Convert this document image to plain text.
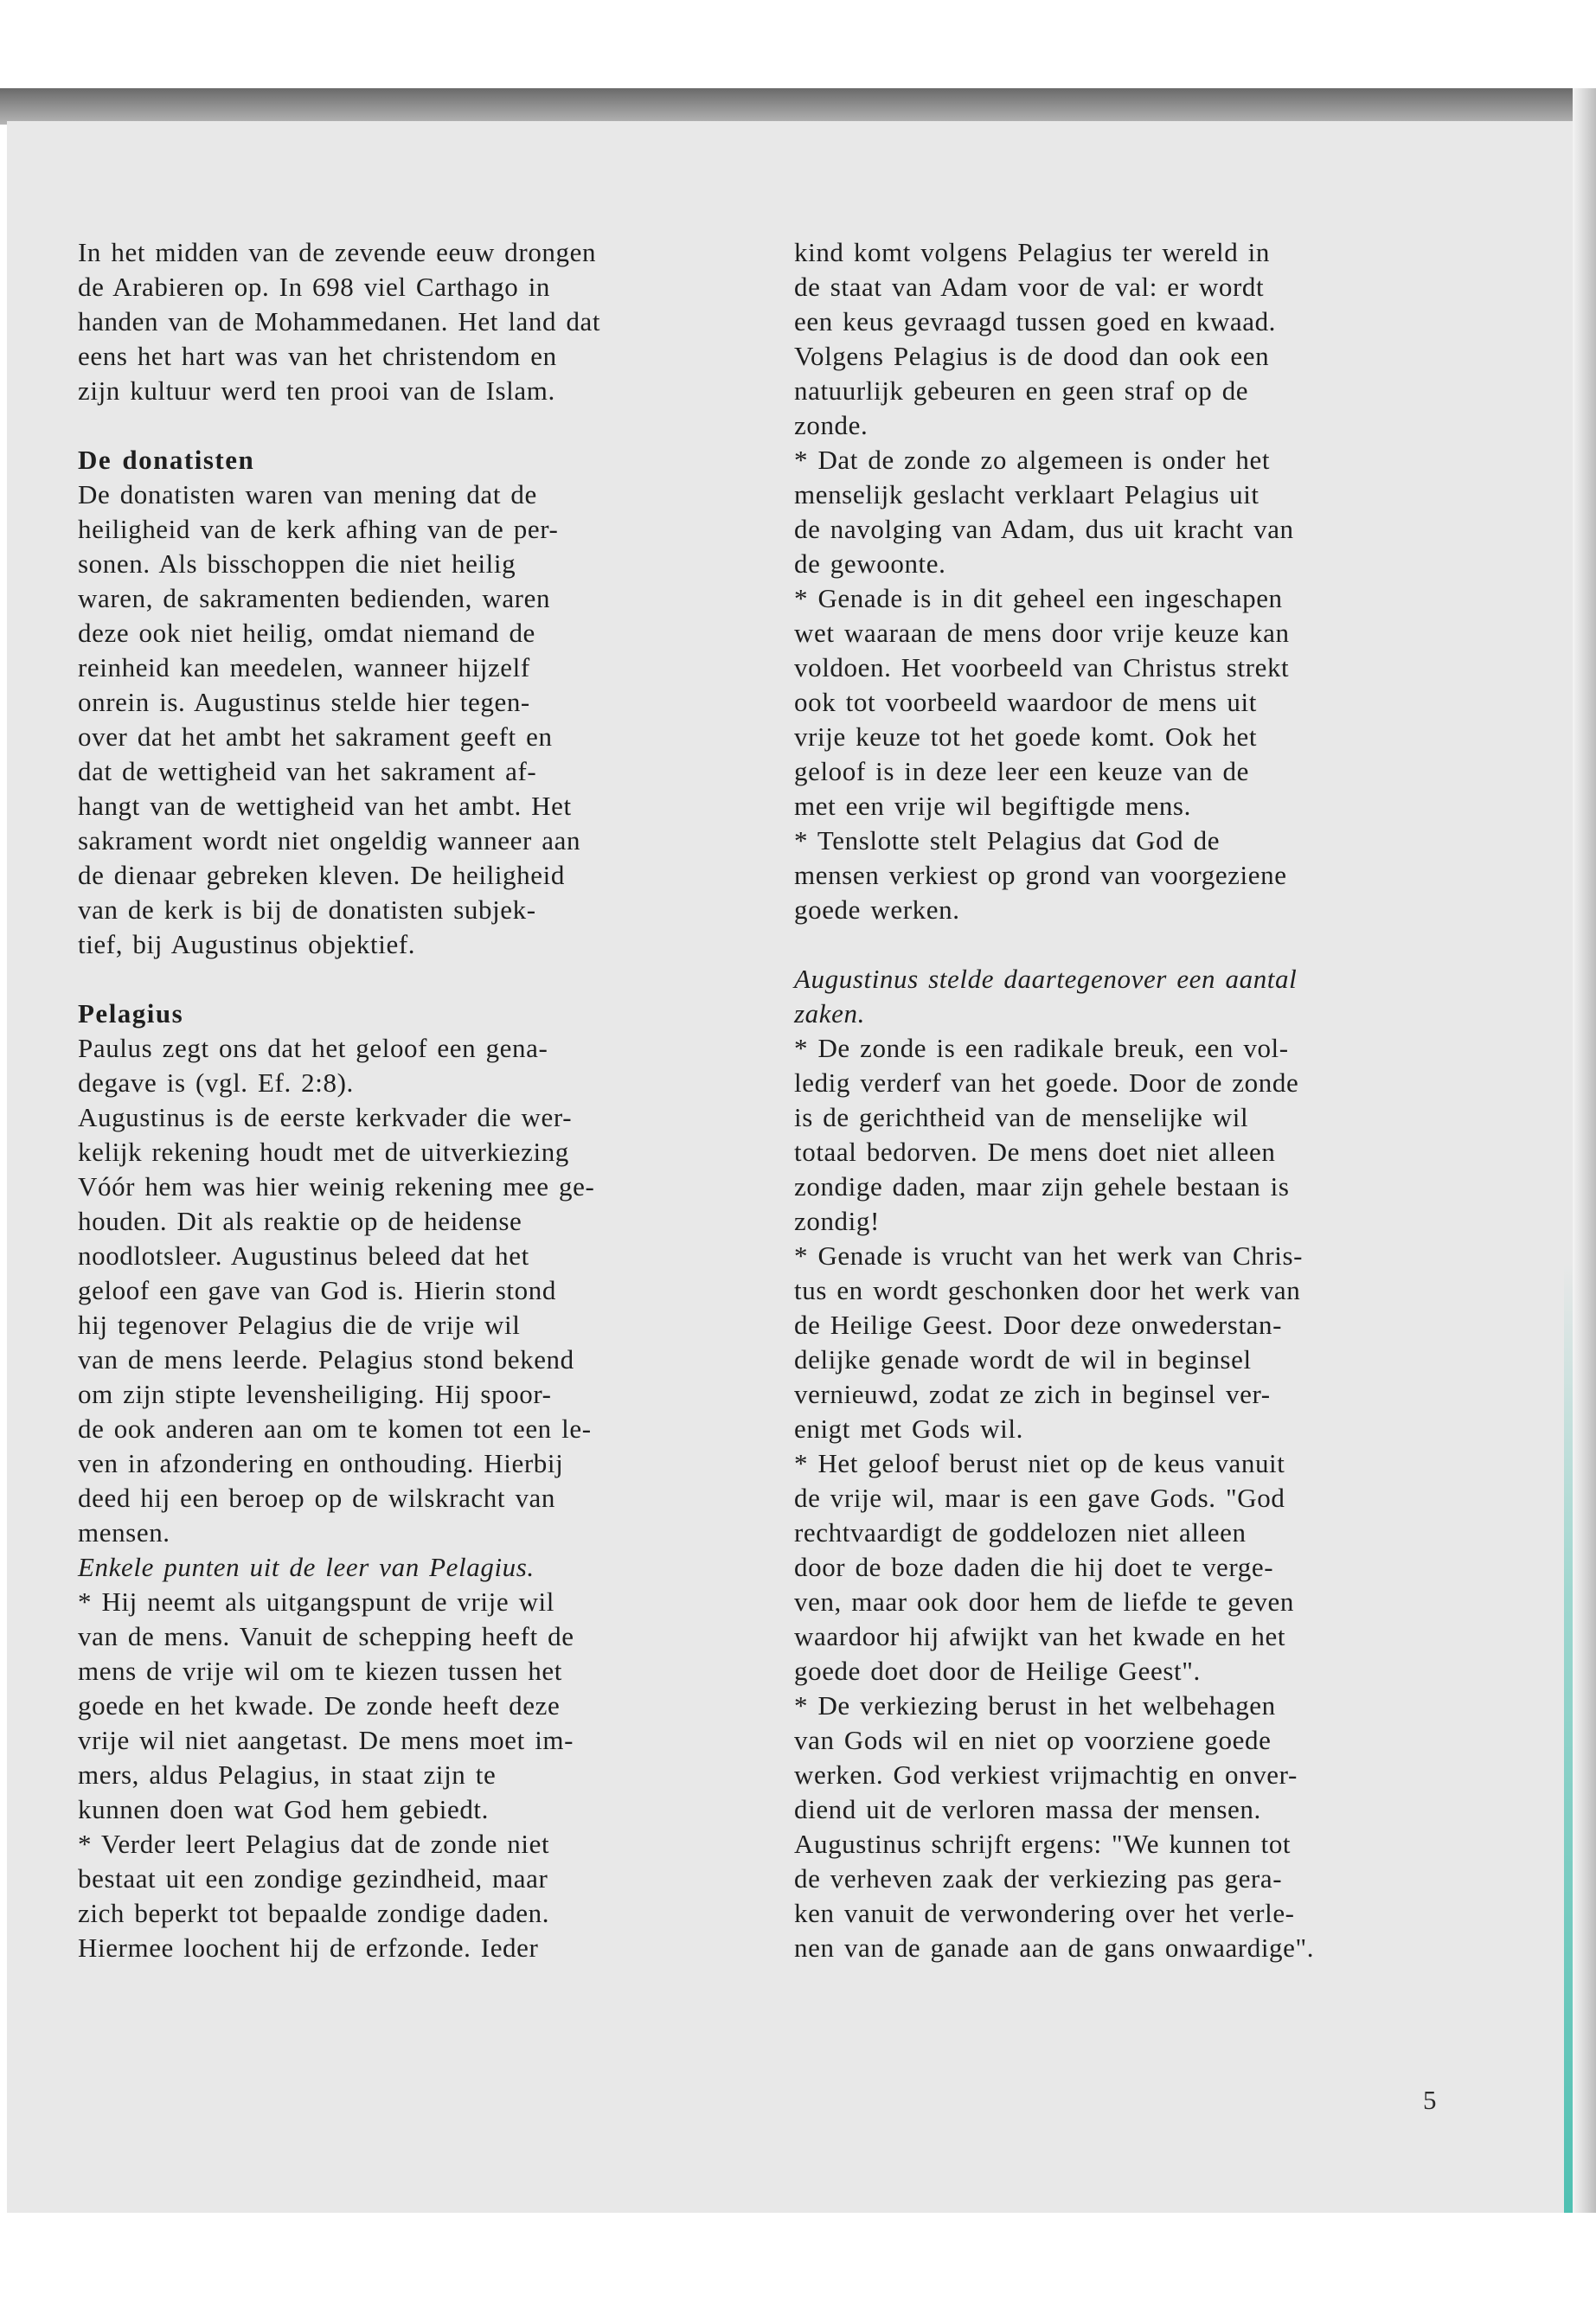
In het midden van de zevende eeuw drongen
de Arabieren op. In 698 viel Carthago in
handen van de Mohammedanen. Het land dat
eens het hart was van het christendom en
zijn kultuur werd ten prooi van de Islam.
De donatisten
De donatisten waren van mening dat de
heiligheid van de kerk afhing van de per-
sonen. Als bisschoppen die niet heilig
waren, de sakramenten bedienden, waren
deze ook niet heilig, omdat niemand de
reinheid kan meedelen, wanneer hijzelf
onrein is. Augustinus stelde hier tegen-
over dat het ambt het sakrament geeft en
dat de wettigheid van het sakrament af-
hangt van de wettigheid van het ambt. Het
sakrament wordt niet ongeldig wanneer aan
de dienaar gebreken kleven. De heiligheid
van de kerk is bij de donatisten subjek-
tief, bij Augustinus objektief.
Pelagius
Paulus zegt ons dat het geloof een gena-
degave is (vgl. Ef. 2:8).
Augustinus is de eerste kerkvader die wer-
kelijk rekening houdt met de uitverkiezing
Vóór hem was hier weinig rekening mee ge-
houden. Dit als reaktie op de heidense
noodlotsleer. Augustinus beleed dat het
geloof een gave van God is. Hierin stond
hij tegenover Pelagius die de vrije wil
van de mens leerde. Pelagius stond bekend
om zijn stipte levensheiliging. Hij spoor-
de ook anderen aan om te komen tot een le-
ven in afzondering en onthouding. Hierbij
deed hij een beroep op de wilskracht van
mensen.
Enkele punten uit de leer van Pelagius.
* Hij neemt als uitgangspunt de vrije wil
van de mens. Vanuit de schepping heeft de
mens de vrije wil om te kiezen tussen het
goede en het kwade. De zonde heeft deze
vrije wil niet aangetast. De mens moet im-
mers, aldus Pelagius, in staat zijn te
kunnen doen wat God hem gebiedt.
* Verder leert Pelagius dat de zonde niet
bestaat uit een zondige gezindheid, maar
zich beperkt tot bepaalde zondige daden.
Hiermee loochent hij de erfzonde. Ieder
kind komt volgens Pelagius ter wereld in
de staat van Adam voor de val: er wordt
een keus gevraagd tussen goed en kwaad.
Volgens Pelagius is de dood dan ook een
natuurlijk gebeuren en geen straf op de
zonde.
* Dat de zonde zo algemeen is onder het
menselijk geslacht verklaart Pelagius uit
de navolging van Adam, dus uit kracht van
de gewoonte.
* Genade is in dit geheel een ingeschapen
wet waaraan de mens door vrije keuze kan
voldoen. Het voorbeeld van Christus strekt
ook tot voorbeeld waardoor de mens uit
vrije keuze tot het goede komt. Ook het
geloof is in deze leer een keuze van de
met een vrije wil begiftigde mens.
* Tenslotte stelt Pelagius dat God de
mensen verkiest op grond van voorgeziene
goede werken.
Augustinus stelde daartegenover een aantal
zaken.
* De zonde is een radikale breuk, een vol-
ledig verderf van het goede. Door de zonde
is de gerichtheid van de menselijke wil
totaal bedorven. De mens doet niet alleen
zondige daden, maar zijn gehele bestaan is
zondig!
* Genade is vrucht van het werk van Chris-
tus en wordt geschonken door het werk van
de Heilige Geest. Door deze onwederstan-
delijke genade wordt de wil in beginsel
vernieuwd, zodat ze zich in beginsel ver-
enigt met Gods wil.
* Het geloof berust niet op de keus vanuit
de vrije wil, maar is een gave Gods. "God
rechtvaardigt de goddelozen niet alleen
door de boze daden die hij doet te verge-
ven, maar ook door hem de liefde te geven
waardoor hij afwijkt van het kwade en het
goede doet door de Heilige Geest".
* De verkiezing berust in het welbehagen
van Gods wil en niet op voorziene goede
werken. God verkiest vrijmachtig en onver-
diend uit de verloren massa der mensen.
Augustinus schrijft ergens: "We kunnen tot
de verheven zaak der verkiezing pas gera-
ken vanuit de verwondering over het verle-
nen van de ganade aan de gans onwaardige".
5
